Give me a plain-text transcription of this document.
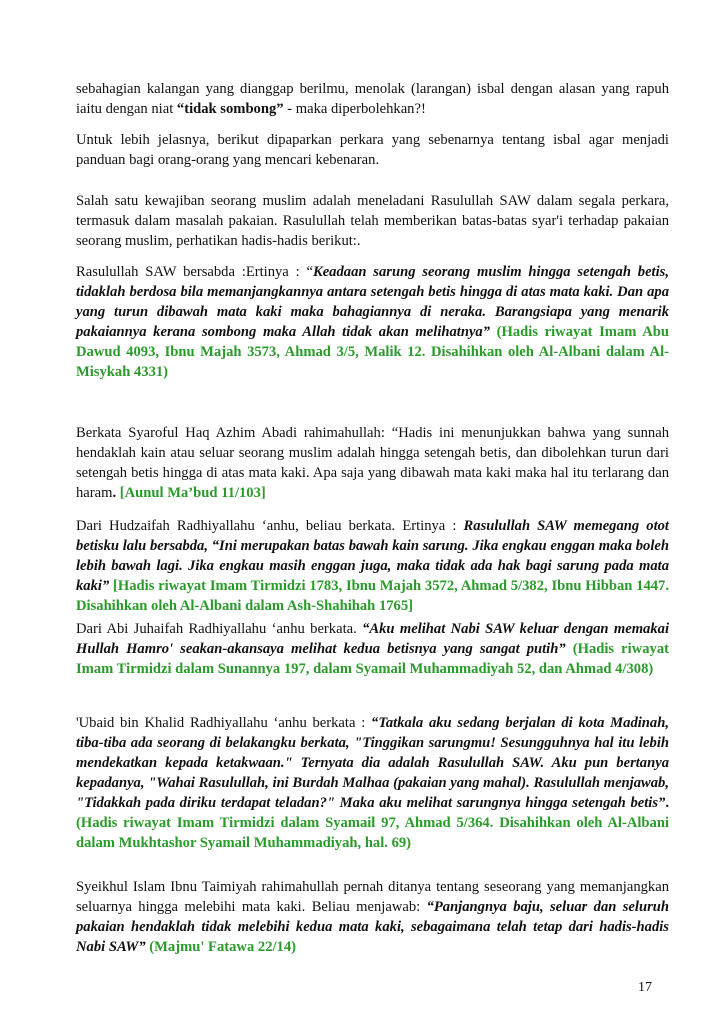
sebahagian kalangan yang dianggap berilmu, menolak (larangan) isbal dengan alasan yang rapuh iaitu dengan niat “tidak sombong” - maka diperbolehkan?!

Untuk lebih jelasnya, berikut dipaparkan perkara yang sebenarnya tentang isbal agar menjadi panduan bagi orang-orang yang mencari kebenaran.

Salah satu kewajiban seorang muslim adalah meneladani Rasulullah SAW dalam segala perkara, termasuk dalam masalah pakaian. Rasulullah telah memberikan batas-batas syar'i terhadap pakaian seorang muslim, perhatikan hadis-hadis berikut:.

Rasulullah SAW bersabda :Ertinya : “Keadaan sarung seorang muslim hingga setengah betis, tidaklah berdosa bila memanjangkannya antara setengah betis hingga di atas mata kaki. Dan apa yang turun dibawah mata kaki maka bahagiannya di neraka. Barangsiapa yang menarik pakaiannya kerana sombong maka Allah tidak akan melihatnya” (Hadis riwayat Imam Abu Dawud 4093, Ibnu Majah 3573, Ahmad 3/5, Malik 12. Disahihkan oleh Al-Albani dalam Al-Misykah 4331)

Berkata Syaroful Haq Azhim Abadi rahimahullah: “Hadis ini menunjukkan bahwa yang sunnah hendaklah kain atau seluar seorang muslim adalah hingga setengah betis, dan dibolehkan turun dari setengah betis hingga di atas mata kaki. Apa saja yang dibawah mata kaki maka hal itu terlarang dan haram. [Aunul Ma’bud 11/103]

Dari Hudzaifah Radhiyallahu ‘anhu, beliau berkata. Ertinya : Rasulullah SAW memegang otot betisku lalu bersabda, “Ini merupakan batas bawah kain sarung. Jika engkau enggan maka boleh lebih bawah lagi. Jika engkau masih enggan juga, maka tidak ada hak bagi sarung pada mata kaki” [Hadis riwayat Imam Tirmidzi 1783, Ibnu Majah 3572, Ahmad 5/382, Ibnu Hibban 1447. Disahihkan oleh Al-Albani dalam Ash-Shahihah 1765]

Dari Abi Juhaifah Radhiyallahu ‘anhu berkata. “Aku melihat Nabi SAW keluar dengan memakai Hullah Hamro' seakan-akansaya melihat kedua betisnya yang sangat putih” (Hadis riwayat Imam Tirmidzi dalam Sunannya 197, dalam Syamail Muhammadiyah 52, dan Ahmad 4/308)

'Ubaid bin Khalid Radhiyallahu ‘anhu berkata : “Tatkala aku sedang berjalan di kota Madinah, tiba-tiba ada seorang di belakangku berkata, "Tinggikan sarungmu! Sesungguhnya hal itu lebih mendekatkan kepada ketakwaan." Ternyata dia adalah Rasulullah SAW. Aku pun bertanya kepadanya, "Wahai Rasulullah, ini Burdah Malhaa (pakaian yang mahal). Rasulullah menjawab, "Tidakkah pada diriku terdapat teladan?" Maka aku melihat sarungnya hingga setengah betis”. (Hadis riwayat Imam Tirmidzi dalam Syamail 97, Ahmad 5/364. Disahihkan oleh Al-Albani dalam Mukhtashor Syamail Muhammadiyah, hal. 69)

Syeikhul Islam Ibnu Taimiyah rahimahullah pernah ditanya tentang seseorang yang memanjangkan seluarnya hingga melebihi mata kaki. Beliau menjawab: “Panjangnya baju, seluar dan seluruh pakaian hendaklah tidak melebihi kedua mata kaki, sebagaimana telah tetap dari hadis-hadis Nabi SAW” (Majmu' Fatawa 22/14)

17
